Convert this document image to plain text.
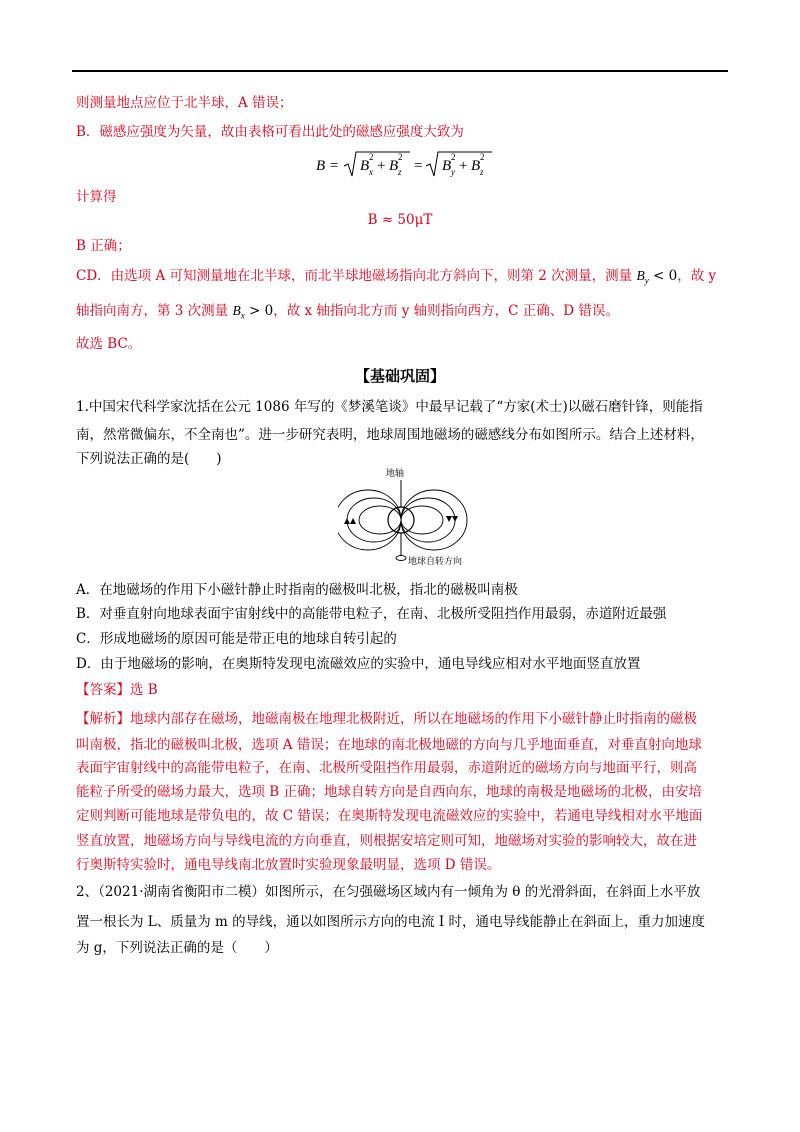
则测量地点应位于北半球，A 错误；
B．磁感应强度为矢量，故由表格可看出此处的磁感应强度大致为
B = B
2
x + B
2
z = B
2
y + B
2
z
计算得
B ≈ 50μT
B 正确；
CD．由选项 A 可知测量地在北半球，而北半球地磁场指向北方斜向下，则第 2 次测量，测量 $B_y < 0$，故 y
轴指向南方，第 3 次测量 $B_x > 0$，故 x 轴指向北方而 y 轴则指向西方，C 正确、D 错误。
故选 BC。
【基础巩固】
1.中国宋代科学家沈括在公元 1086 年写的《梦溪笔谈》中最早记载了“方家(术士)以磁石磨针锋，则能指
南，然常微偏东，不全南也”。进一步研究表明，地球周围地磁场的磁感线分布如图所示。结合上述材料，
下列说法正确的是(　　)
地轴
地球自转方向
A．在地磁场的作用下小磁针静止时指南的磁极叫北极，指北的磁极叫南极
B．对垂直射向地球表面宇宙射线中的高能带电粒子，在南、北极所受阻挡作用最弱，赤道附近最强
C．形成地磁场的原因可能是带正电的地球自转引起的
D．由于地磁场的影响，在奥斯特发现电流磁效应的实验中，通电导线应相对水平地面竖直放置
【答案】选 B
【解析】地球内部存在磁场，地磁南极在地理北极附近，所以在地磁场的作用下小磁针静止时指南的磁极
叫南极，指北的磁极叫北极，选项 A 错误；在地球的南北极地磁的方向与几乎地面垂直，对垂直射向地球
表面宇宙射线中的高能带电粒子，在南、北极所受阻挡作用最弱，赤道附近的磁场方向与地面平行，则高
能粒子所受的磁场力最大，选项 B 正确；地球自转方向是自西向东，地球的南极是地磁场的北极，由安培
定则判断可能地球是带负电的，故 C 错误；在奥斯特发现电流磁效应的实验中，若通电导线相对水平地面
竖直放置，地磁场方向与导线电流的方向垂直，则根据安培定则可知，地磁场对实验的影响较大，故在进
行奥斯特实验时，通电导线南北放置时实验现象最明显，选项 D 错误。
2、（2021·湖南省衡阳市二模）如图所示，在匀强磁场区域内有一倾角为 θ 的光滑斜面，在斜面上水平放
置一根长为 L、质量为 m 的导线，通以如图所示方向的电流 I 时，通电导线能静止在斜面上，重力加速度
为 g，下列说法正确的是（　　）
